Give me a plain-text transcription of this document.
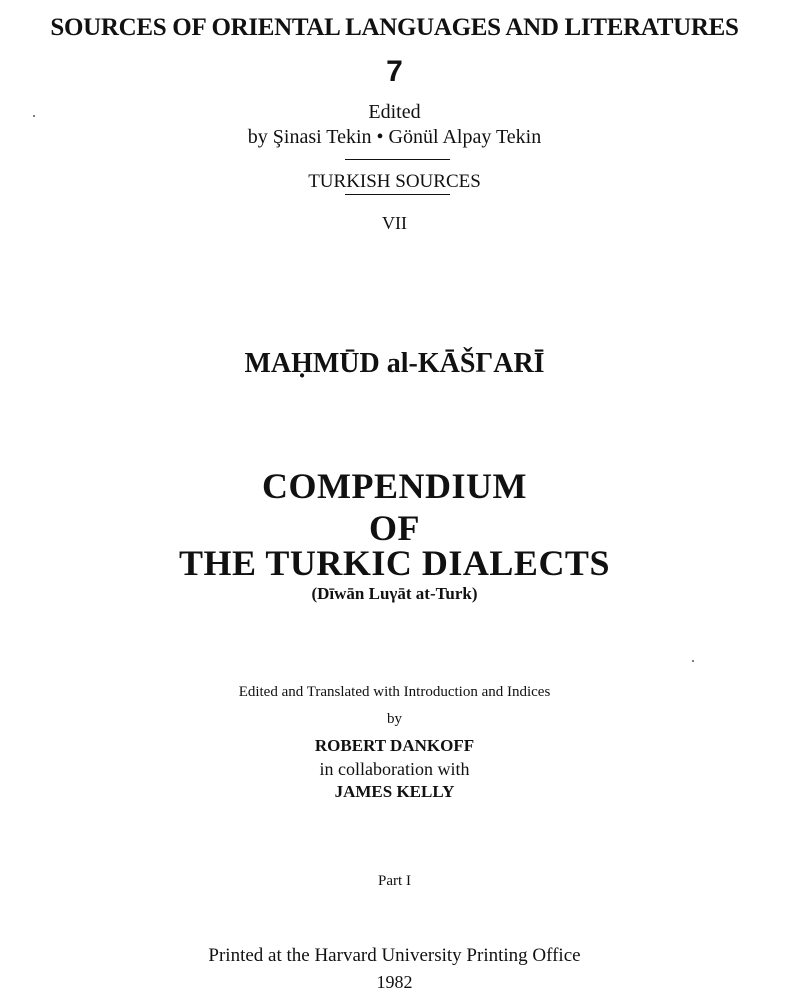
SOURCES OF ORIENTAL LANGUAGES AND LITERATURES
7
Edited
by Şinasi Tekin • Gönül Alpay Tekin
TURKISH SOURCES
VII
MAḤMŪD al-KĀŠΓARĪ
COMPENDIUM
OF
THE TURKIC DIALECTS
(Dīwān Luγāt at-Turk)
Edited and Translated with Introduction and Indices
by
ROBERT DANKOFF
in collaboration with
JAMES KELLY
Part I
Printed at the Harvard University Printing Office
1982
